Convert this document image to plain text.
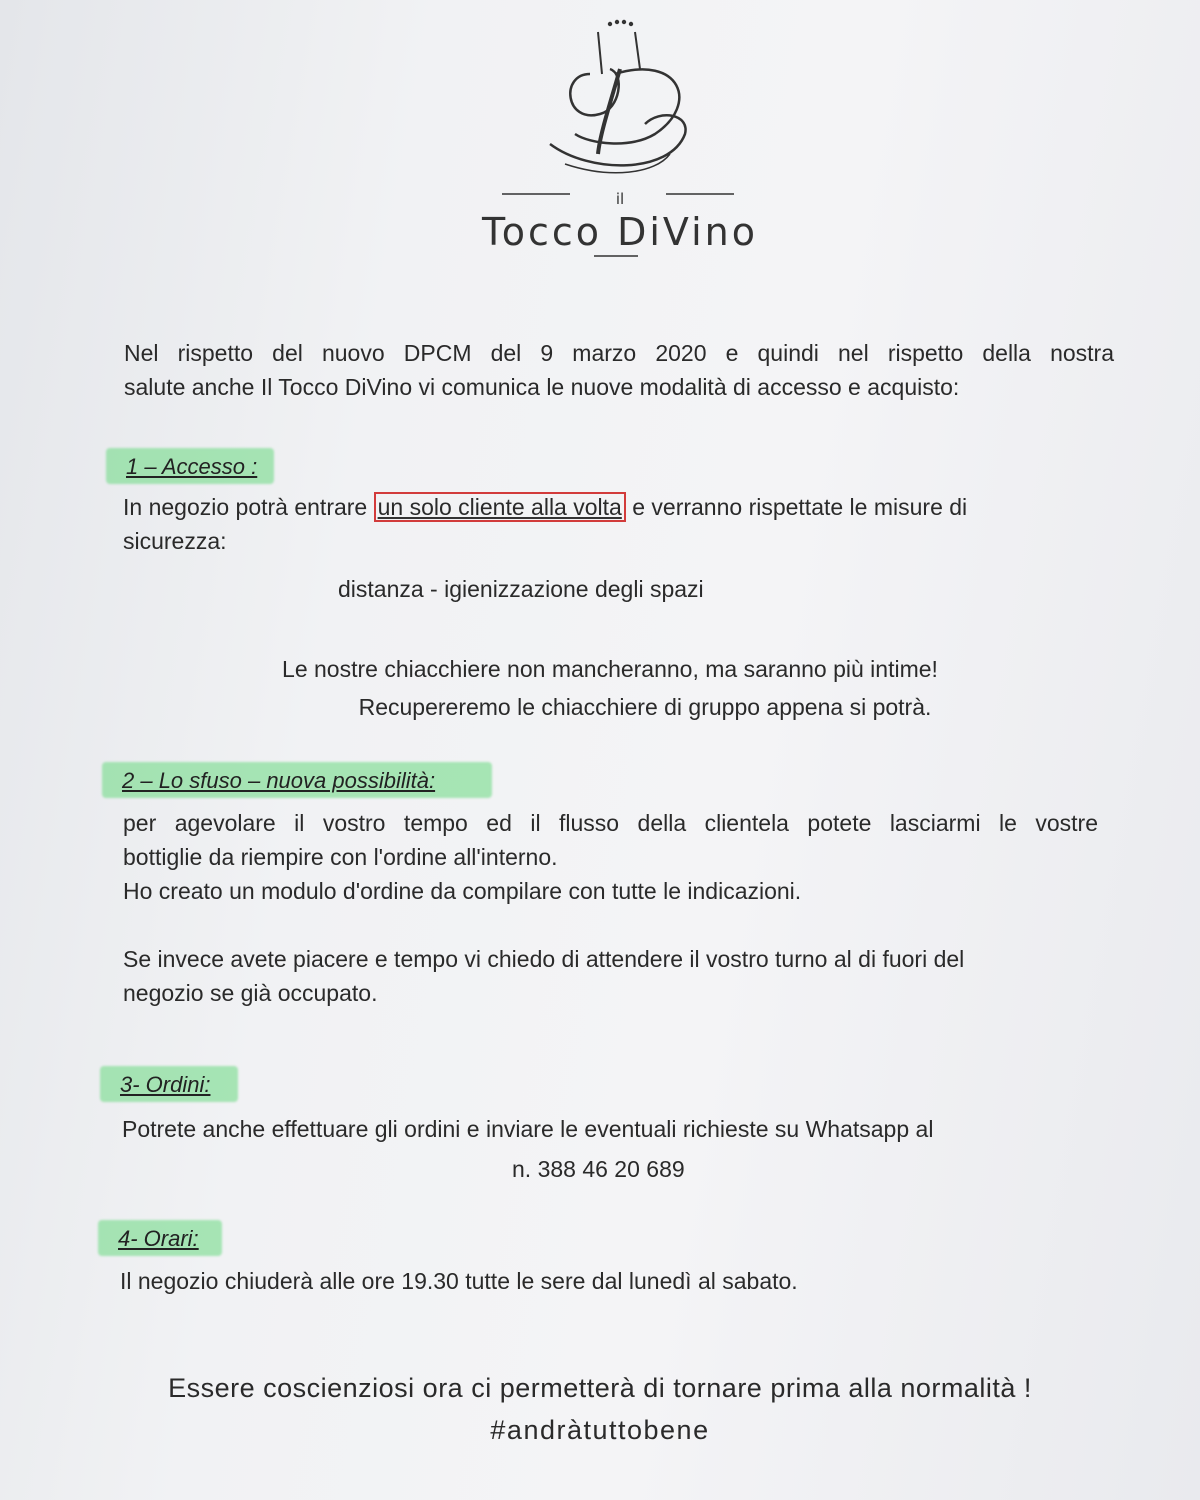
il
Tocco DiVino

Nel rispetto del nuovo DPCM del 9 marzo 2020 e quindi nel rispetto della nostra

salute anche Il Tocco DiVino vi comunica le nuove modalità di accesso e acquisto:

1 – Accesso :

In negozio potrà entrare un solo cliente alla volta e verranno rispettate le misure di

sicurezza:

distanza - igienizzazione degli spazi

Le nostre chiacchiere non mancheranno, ma saranno più intime!

Recupereremo le chiacchiere di gruppo appena si potrà.

2 – Lo sfuso – nuova possibilità:

per agevolare il vostro tempo ed il flusso della clientela potete lasciarmi le vostre

bottiglie da riempire con l'ordine all'interno.

Ho creato un modulo d'ordine da compilare con tutte le indicazioni.

Se invece avete piacere e tempo vi chiedo di attendere il vostro turno al di fuori del

negozio se già occupato.

3- Ordini:

Potrete anche effettuare gli ordini e inviare le eventuali richieste su Whatsapp al

n. 388 46 20 689

4- Orari:

Il negozio chiuderà alle ore 19.30 tutte le sere dal lunedì al sabato.

Essere coscienziosi ora ci permetterà di tornare prima alla normalità !
#andràtuttobene
